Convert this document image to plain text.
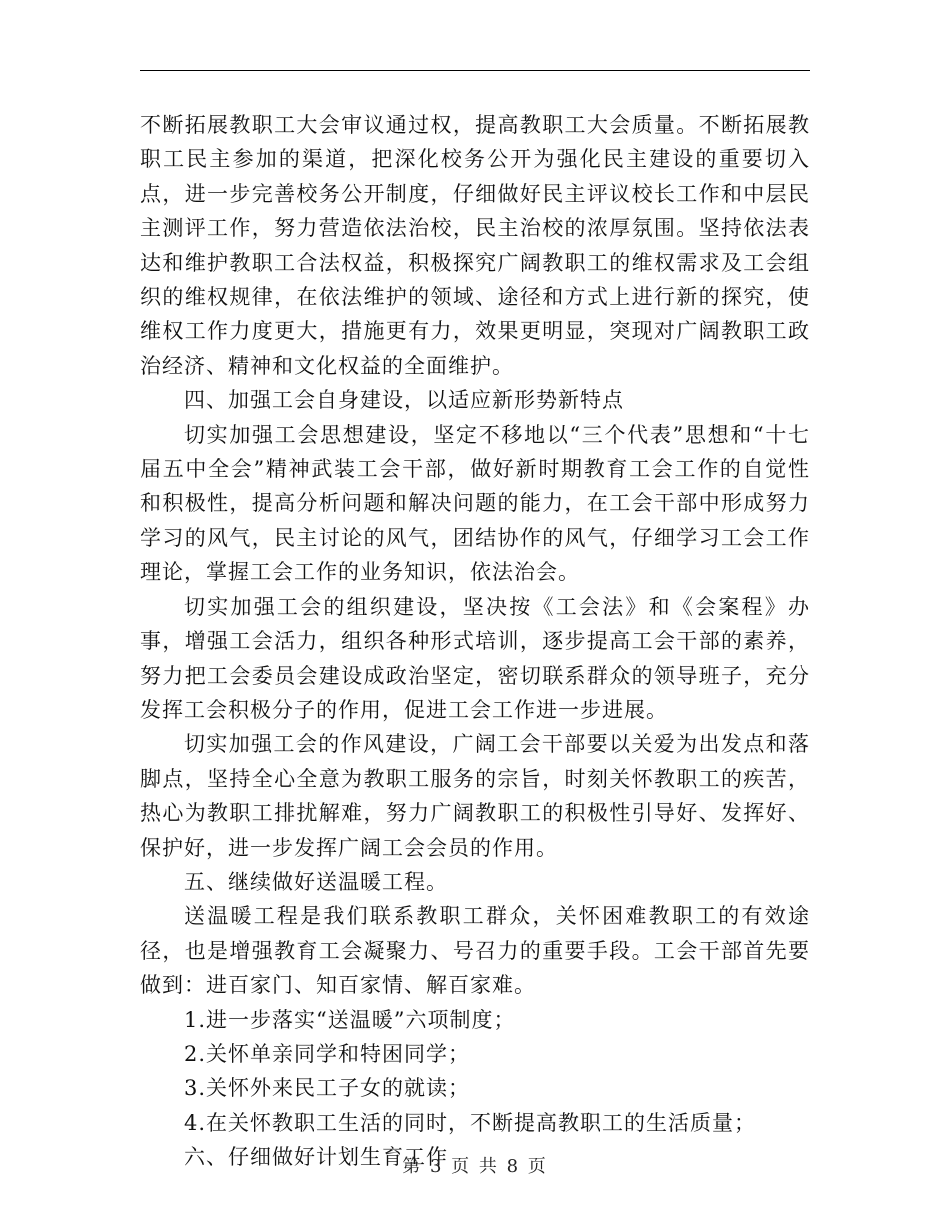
不断拓展教职工大会审议通过权，提高教职工大会质量。不断拓展教职工民主参加的渠道，把深化校务公开为强化民主建设的重要切入点，进一步完善校务公开制度，仔细做好民主评议校长工作和中层民主测评工作，努力营造依法治校，民主治校的浓厚氛围。坚持依法表达和维护教职工合法权益，积极探究广阔教职工的维权需求及工会组织的维权规律，在依法维护的领域、途径和方式上进行新的探究，使维权工作力度更大，措施更有力，效果更明显，突现对广阔教职工政治经济、精神和文化权益的全面维护。

四、加强工会自身建设，以适应新形势新特点

切实加强工会思想建设，坚定不移地以“三个代表”思想和“十七届五中全会”精神武装工会干部，做好新时期教育工会工作的自觉性和积极性，提高分析问题和解决问题的能力，在工会干部中形成努力学习的风气，民主讨论的风气，团结协作的风气，仔细学习工会工作理论，掌握工会工作的业务知识，依法治会。

切实加强工会的组织建设，坚决按《工会法》和《会案程》办事，增强工会活力，组织各种形式培训，逐步提高工会干部的素养，努力把工会委员会建设成政治坚定，密切联系群众的领导班子，充分发挥工会积极分子的作用，促进工会工作进一步进展。

切实加强工会的作风建设，广阔工会干部要以关爱为出发点和落脚点，坚持全心全意为教职工服务的宗旨，时刻关怀教职工的疾苦，热心为教职工排扰解难，努力广阔教职工的积极性引导好、发挥好、保护好，进一步发挥广阔工会会员的作用。

五、继续做好送温暖工程。

送温暖工程是我们联系教职工群众，关怀困难教职工的有效途径，也是增强教育工会凝聚力、号召力的重要手段。工会干部首先要做到：进百家门、知百家情、解百家难。

1.进一步落实“送温暖”六项制度；

2.关怀单亲同学和特困同学；

3.关怀外来民工子女的就读；

4.在关怀教职工生活的同时，不断提高教职工的生活质量；

六、仔细做好计划生育工作

第 3 页 共 8 页
